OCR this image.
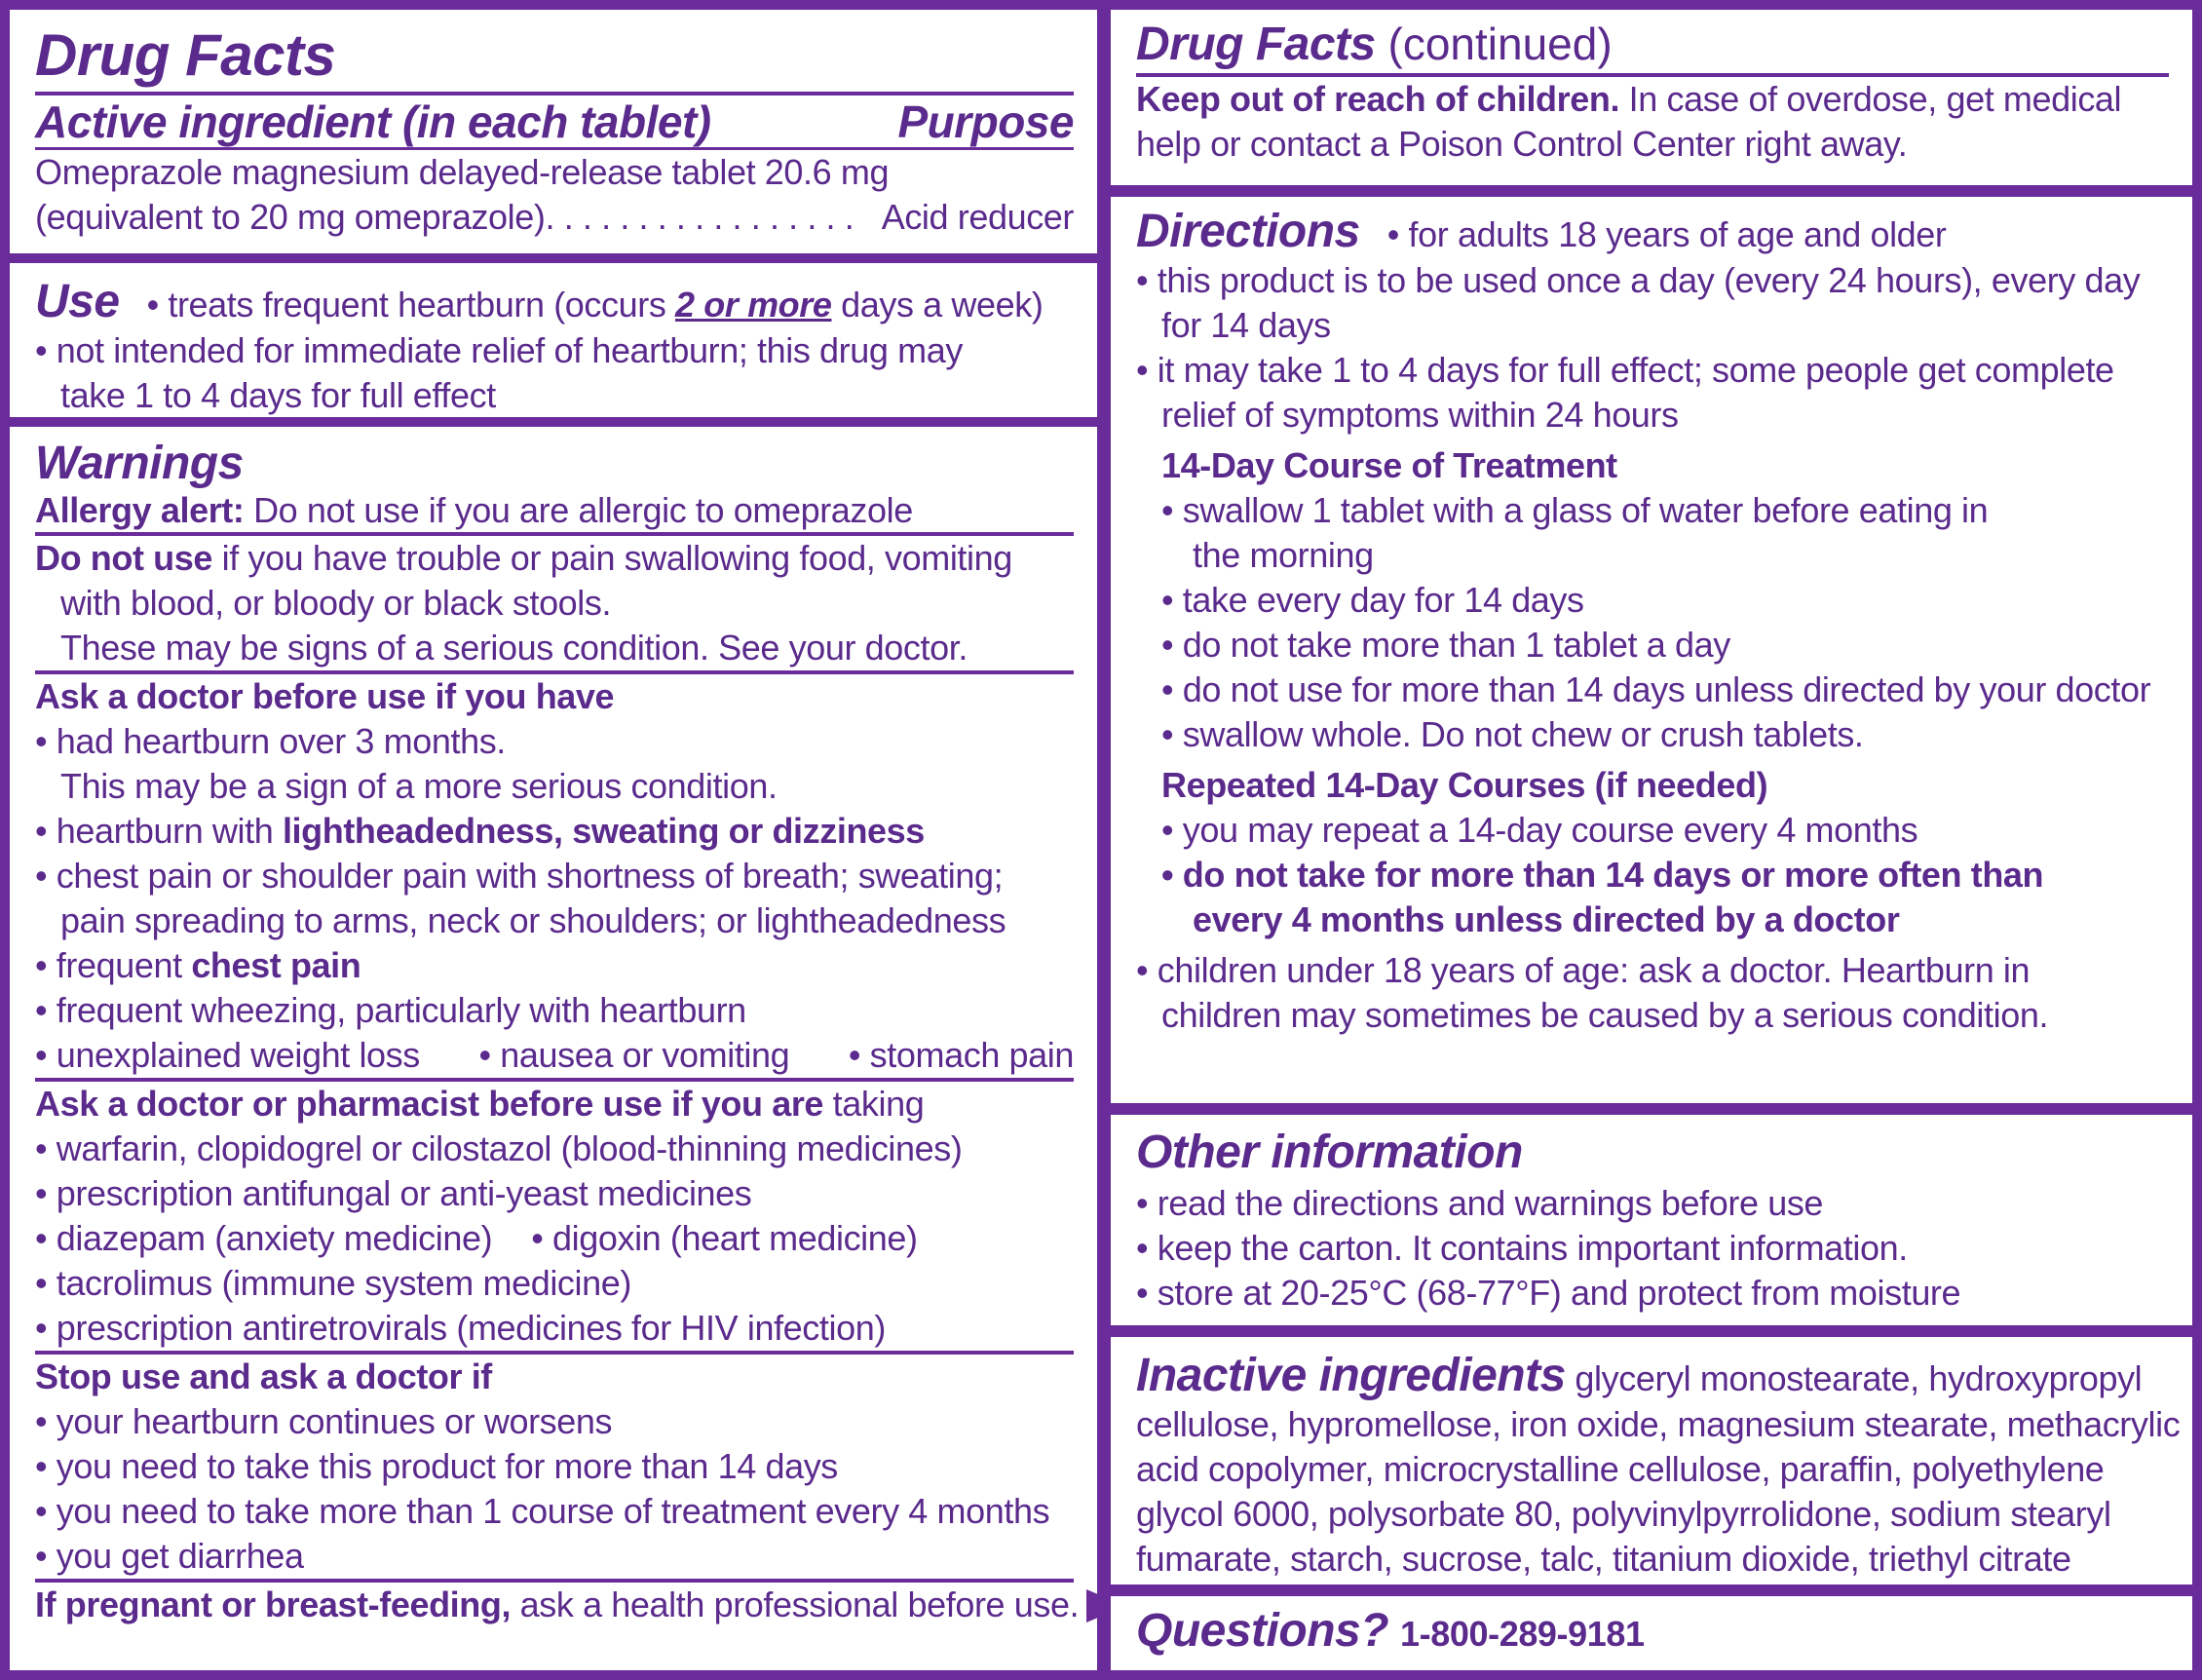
Drug Facts
Active ingredient (in each tablet)	Purpose
Omeprazole magnesium delayed-release tablet 20.6 mg
(equivalent to 20 mg omeprazole). . . . . . . . . . . . . . . . . Acid reducer
Use • treats frequent heartburn (occurs 2 or more days a week)
• not intended for immediate relief of heartburn; this drug may
take 1 to 4 days for full effect
Warnings
Allergy alert: Do not use if you are allergic to omeprazole
Do not use if you have trouble or pain swallowing food, vomiting
with blood, or bloody or black stools.
These may be signs of a serious condition. See your doctor.
Ask a doctor before use if you have
• had heartburn over 3 months.
This may be a sign of a more serious condition.
• heartburn with lightheadedness, sweating or dizziness
• chest pain or shoulder pain with shortness of breath; sweating;
pain spreading to arms, neck or shoulders; or lightheadedness
• frequent chest pain
• frequent wheezing, particularly with heartburn
• unexplained weight loss • nausea or vomiting • stomach pain
Ask a doctor or pharmacist before use if you are taking
• warfarin, clopidogrel or cilostazol (blood-thinning medicines)
• prescription antifungal or anti-yeast medicines
• diazepam (anxiety medicine) • digoxin (heart medicine)
• tacrolimus (immune system medicine)
• prescription antiretrovirals (medicines for HIV infection)
Stop use and ask a doctor if
• your heartburn continues or worsens
• you need to take this product for more than 14 days
• you need to take more than 1 course of treatment every 4 months
• you get diarrhea
If pregnant or breast-feeding, ask a health professional before use.
Drug Facts (continued)
Keep out of reach of children. In case of overdose, get medical
help or contact a Poison Control Center right away.
Directions • for adults 18 years of age and older
• this product is to be used once a day (every 24 hours), every day
for 14 days
• it may take 1 to 4 days for full effect; some people get complete
relief of symptoms within 24 hours
14-Day Course of Treatment
• swallow 1 tablet with a glass of water before eating in
the morning
• take every day for 14 days
• do not take more than 1 tablet a day
• do not use for more than 14 days unless directed by your doctor
• swallow whole. Do not chew or crush tablets.
Repeated 14-Day Courses (if needed)
• you may repeat a 14-day course every 4 months
• do not take for more than 14 days or more often than
every 4 months unless directed by a doctor
• children under 18 years of age: ask a doctor. Heartburn in
children may sometimes be caused by a serious condition.
Other information
• read the directions and warnings before use
• keep the carton. It contains important information.
• store at 20-25°C (68-77°F) and protect from moisture
Inactive ingredients glyceryl monostearate, hydroxypropyl
cellulose, hypromellose, iron oxide, magnesium stearate, methacrylic
acid copolymer, microcrystalline cellulose, paraffin, polyethylene
glycol 6000, polysorbate 80, polyvinylpyrrolidone, sodium stearyl
fumarate, starch, sucrose, talc, titanium dioxide, triethyl citrate
Questions? 1-800-289-9181
